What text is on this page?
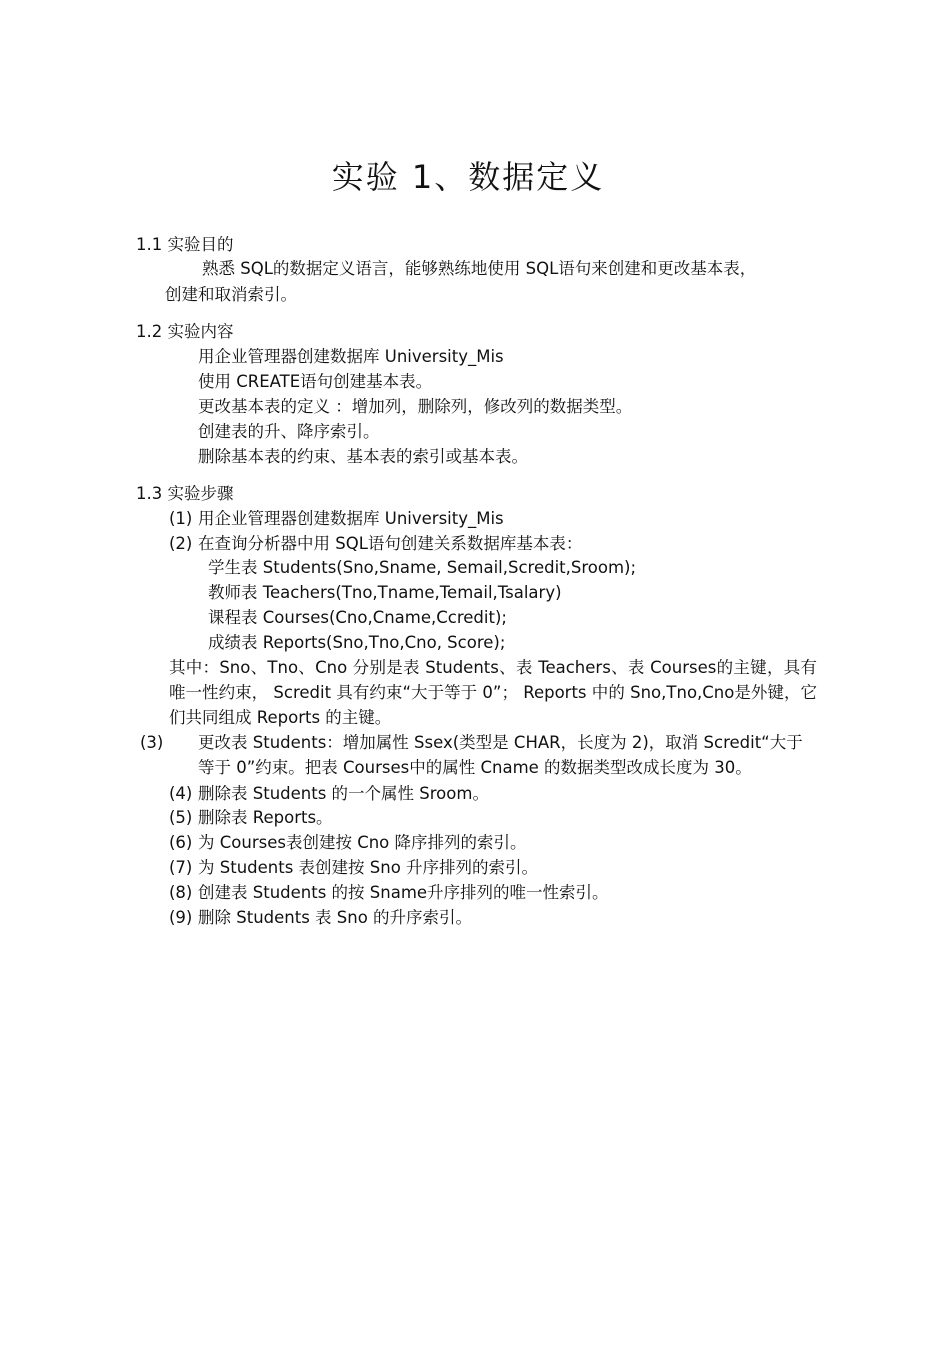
实验 1、数据定义
1.1 实验目的
熟悉 SQL的数据定义语言，能够熟练地使用 SQL语句来创建和更改基本表，
创建和取消索引。
1.2 实验内容
用企业管理器创建数据库 University_Mis
使用 CREATE语句创建基本表。
更改基本表的定义 ：增加列，删除列，修改列的数据类型。
创建表的升、降序索引。
删除基本表的约束、基本表的索引或基本表。
1.3 实验步骤
(1) 用企业管理器创建数据库 University_Mis
(2) 在查询分析器中用 SQL语句创建关系数据库基本表：
学生表 Students(Sno,Sname, Semail,Scredit,Sroom);
教师表 Teachers(Tno,Tname,Temail,Tsalary)
课程表 Courses(Cno,Cname,Ccredit);
成绩表 Reports(Sno,Tno,Cno, Score);
其中：Sno、Tno、Cno 分别是表 Students、表 Teachers、表 Courses的主键，具有唯一性约束， Scredit 具有约束“大于等于 0”； Reports 中的 Sno,Tno,Cno是外键，它们共同组成 Reports 的主键。
(3) 更改表 Students：增加属性 Ssex(类型是 CHAR，长度为 2)，取消 Scredit“大于等于 0”约束。把表 Courses中的属性 Cname 的数据类型改成长度为 30。
(4) 删除表 Students 的一个属性 Sroom。
(5) 删除表 Reports。
(6) 为 Courses表创建按 Cno 降序排列的索引。
(7) 为 Students 表创建按 Sno 升序排列的索引。
(8) 创建表 Students 的按 Sname升序排列的唯一性索引。
(9) 删除 Students 表 Sno 的升序索引。
